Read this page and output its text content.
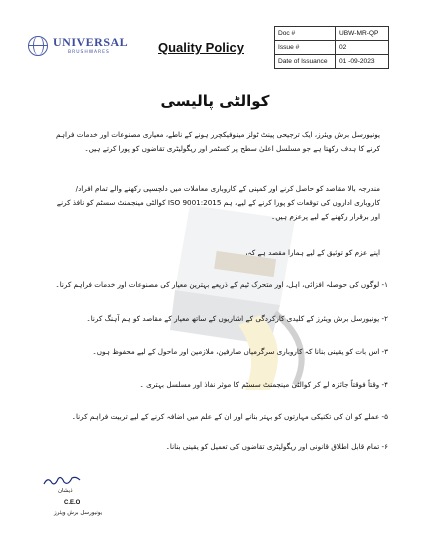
UNIVERSAL
BRUSHWARES	Quality Policy
Doc #	UBW-MR-QP
Issue #	02
Date of Issuance	01 -09-2023
کوالٹی پالیسی
یونیورسل برش ویئرز، ایک ترجیحی پینٹ ٹولز مینوفیکچرر ہونے کے ناطے، معیاری مصنوعات اور خدمات فراہم کرنے کا ہدف رکھتا ہے جو مسلسل اعلیٰ سطح پر کسٹمر اور ریگولیٹری تقاضوں کو پورا کرتے ہیں۔
مندرجہ بالا مقاصد کو حاصل کرنے اور کمپنی کے کاروباری معاملات میں دلچسپی رکھنے والے تمام افراد/کاروباری اداروں کی توقعات کو پورا کرنے کے لیے، ہم ISO 9001:2015 کوالٹی مینجمنٹ سسٹم کو نافذ کرنے اور برقرار رکھنے کے لیے پرعزم ہیں۔
اپنے عزم کو توثیق کے لیے ہمارا مقصد ہے کہ،
۱- لوگوں کی حوصلہ افزائی، اہل، اور متحرک ٹیم کے ذریعے بہترین معیار کی مصنوعات اور خدمات فراہم کرنا۔
۲- یونیورسل برش ویئرز کے کلیدی کارکردگی کے اشاریوں کے ساتھ معیار کے مقاصد کو ہم آہنگ کرنا۔
۳- اس بات کو یقینی بنانا کہ کاروباری سرگرمیاں صارفین، ملازمین اور ماحول کے لیے محفوظ ہوں۔
۴- وقتاً فوقتاً جائزہ لے کر کوالٹی مینجمنٹ سسٹم کا موثر نفاذ اور مسلسل بہتری ۔
۵- عملے کو ان کی تکنیکی مہارتوں کو بہتر بنانے اور ان کے علم میں اضافہ کرنے کے لیے تربیت فراہم کرنا۔
۶- تمام قابل اطلاق قانونی اور ریگولیٹری تقاضوں کی تعمیل کو یقینی بنانا۔
ذیشان
C.E.O
یونیورسل برش ویئرز
